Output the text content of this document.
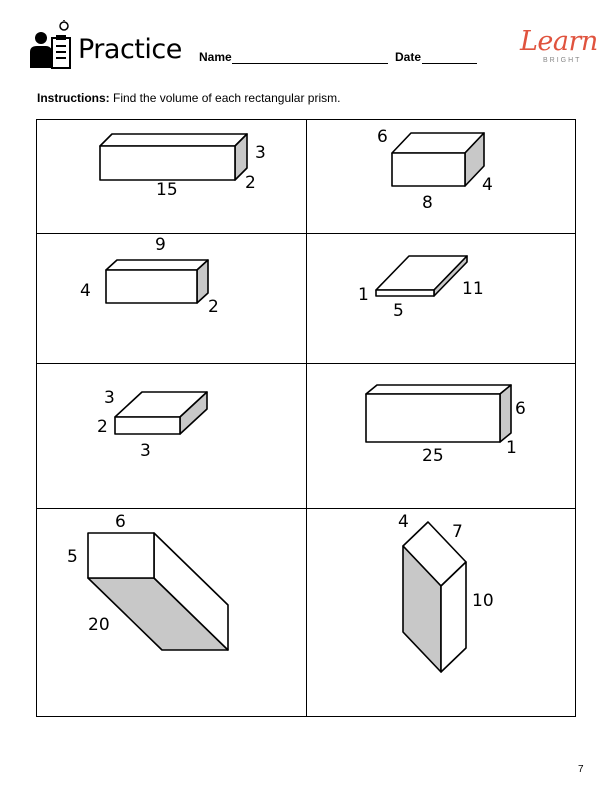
Practice Name	Date	Learn
BRIGHT
Instructions: Find the volume of each rectangular prism.
3
2
15
6
4
8
9
4
2
1	11
5
3
2
3
6
1
25
6
5
20
4	7
10
7
